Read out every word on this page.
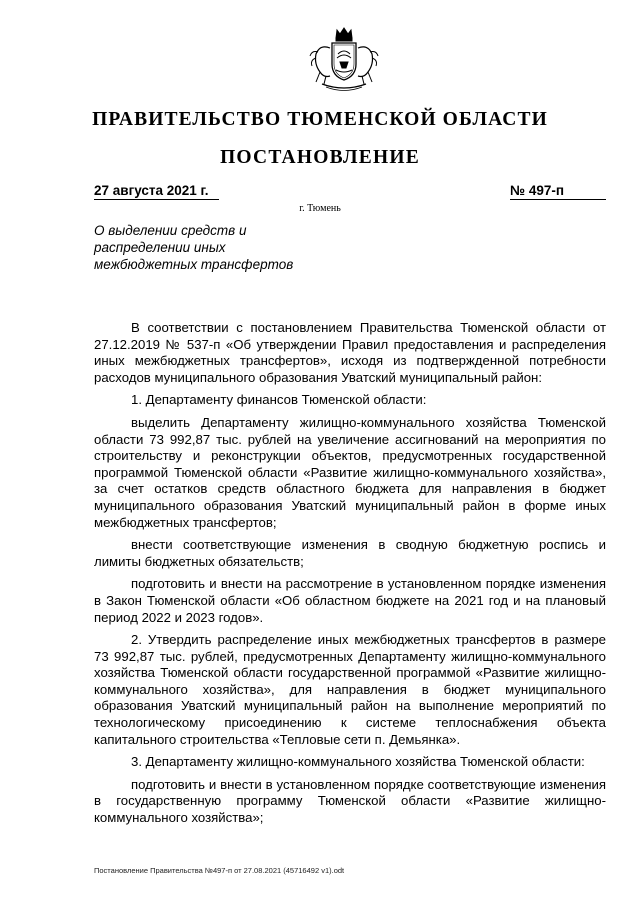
ПРАВИТЕЛЬСТВО ТЮМЕНСКОЙ ОБЛАСТИ
ПОСТАНОВЛЕНИЕ
27 августа 2021 г.	№ 497-п
г. Тюмень
О выделении средств и
распределении иных
межбюджетных трансфертов

В соответствии с постановлением Правительства Тюменской области от 27.12.2019 № 537-п «Об утверждении Правил предоставления и распределения иных межбюджетных трансфертов», исходя из подтвержденной потребности расходов муниципального образования Уватский муниципальный район:

1. Департаменту финансов Тюменской области:

выделить Департаменту жилищно-коммунального хозяйства Тюменской области 73 992,87 тыс. рублей на увеличение ассигнований на мероприятия по строительству и реконструкции объектов, предусмотренных государственной программой Тюменской области «Развитие жилищно-коммунального хозяйства», за счет остатков средств областного бюджета для направления в бюджет муниципального образования Уватский муниципальный район в форме иных межбюджетных трансфертов;

внести соответствующие изменения в сводную бюджетную роспись и лимиты бюджетных обязательств;

подготовить и внести на рассмотрение в установленном порядке изменения в Закон Тюменской области «Об областном бюджете на 2021 год и на плановый период 2022 и 2023 годов».

2. Утвердить распределение иных межбюджетных трансфертов в размере 73 992,87 тыс. рублей, предусмотренных Департаменту жилищно-коммунального хозяйства Тюменской области государственной программой «Развитие жилищно-коммунального хозяйства», для направления в бюджет муниципального образования Уватский муниципальный район на выполнение мероприятий по технологическому присоединению к системе теплоснабжения объекта капитального строительства «Тепловые сети п. Демьянка».

3. Департаменту жилищно-коммунального хозяйства Тюменской области:

подготовить и внести в установленном порядке соответствующие изменения в государственную программу Тюменской области «Развитие жилищно-коммунального хозяйства»;

Постановление Правительства №497-п от 27.08.2021 (45716492 v1).odt
